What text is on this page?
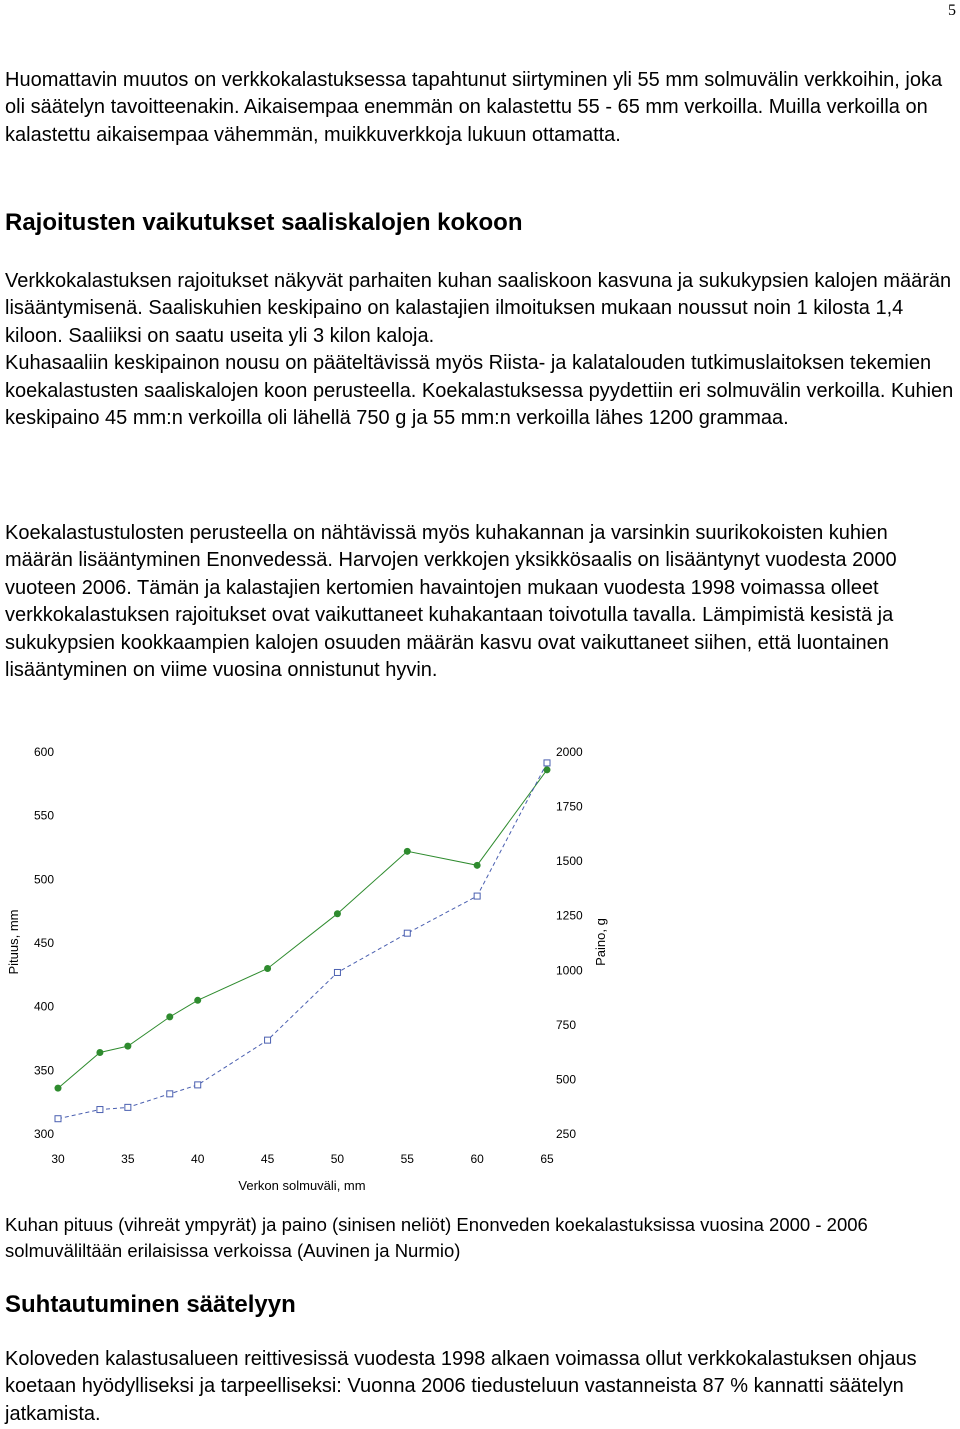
5

Huomattavin muutos on verkkokalastuksessa tapahtunut siirtyminen yli 55 mm solmuvälin verkkoihin, joka oli säätelyn tavoitteenakin. Aikaisempaa enemmän on kalastettu 55 - 65 mm verkoilla. Muilla verkoilla on kalastettu aikaisempaa vähemmän, muikkuverkkoja lukuun ottamatta.

Rajoitusten vaikutukset saaliskalojen kokoon

Verkkokalastuksen rajoitukset näkyvät parhaiten kuhan saaliskoon kasvuna ja sukukypsien kalojen määrän lisääntymisenä. Saaliskuhien keskipaino on kalastajien ilmoituksen mukaan noussut noin 1 kilosta 1,4 kiloon. Saaliiksi on saatu useita yli 3 kilon kaloja.

Kuhasaaliin keskipainon nousu on pääteltävissä myös Riista- ja kalatalouden tutkimuslaitoksen tekemien koekalastusten saaliskalojen koon perusteella. Koekalastuksessa pyydettiin eri solmuvälin verkoilla. Kuhien keskipaino 45 mm:n verkoilla oli lähellä 750 g ja 55 mm:n verkoilla lähes 1200 grammaa.

Koekalastustulosten perusteella on nähtävissä myös kuhakannan ja varsinkin suurikokoisten kuhien määrän lisääntyminen Enonvedessä. Harvojen verkkojen yksikkösaalis on lisääntynyt vuodesta 2000 vuoteen 2006. Tämän ja kalastajien kertomien havaintojen mukaan vuodesta 1998 voimassa olleet verkkokalastuksen rajoitukset ovat vaikuttaneet kuhakantaan toivotulla tavalla. Lämpimistä kesistä ja sukukypsien kookkaampien kalojen osuuden määrän kasvu ovat vaikuttaneet siihen, että luontainen lisääntyminen on viime vuosina onnistunut hyvin.

300
350
400
450
500
550
600
250
500
750
1000
1250
1500
1750
2000
30	35	40	45	50	55	60	65
Verkon solmuväli, mm
Pituus, mm	Paino, g

Kuhan pituus (vihreät ympyrät) ja paino (sinisen neliöt) Enonveden koekalastuksissa vuosina 2000 - 2006 solmuväliltään erilaisissa verkoissa (Auvinen ja Nurmio)

Suhtautuminen säätelyyn

Koloveden kalastusalueen reittivesissä vuodesta 1998 alkaen voimassa ollut verkkokalastuksen ohjaus koetaan hyödylliseksi ja tarpeelliseksi: Vuonna 2006 tiedusteluun vastanneista 87 % kannatti säätelyn jatkamista.
